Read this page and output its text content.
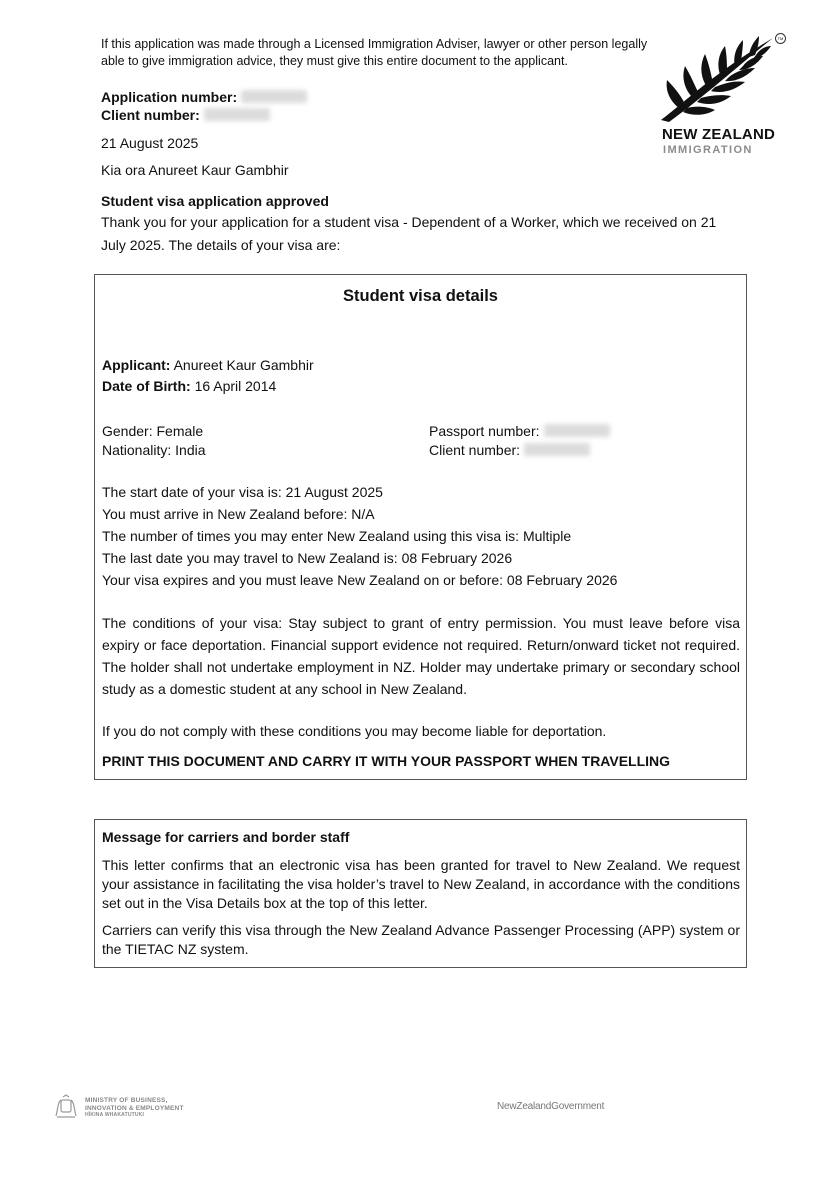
If this application was made through a Licensed Immigration Adviser, lawyer or other person legally able to give immigration advice, they must give this entire document to the applicant.
Application number:
Client number:
21 August 2025
Kia ora Anureet Kaur Gambhir
TM
NEW ZEALAND
IMMIGRATION
Student visa application approved
Thank you for your application for a student visa - Dependent of a Worker, which we received on 21 July 2025. The details of your visa are:
Student visa details
Applicant: Anureet Kaur Gambhir
Date of Birth: 16 April 2014
Gender: Female
Nationality: India
Passport number:
Client number:
The start date of your visa is: 21 August 2025
You must arrive in New Zealand before: N/A
The number of times you may enter New Zealand using this visa is: Multiple
The last date you may travel to New Zealand is: 08 February 2026
Your visa expires and you must leave New Zealand on or before: 08 February 2026
The conditions of your visa: Stay subject to grant of entry permission. You must leave before visa expiry or face deportation. Financial support evidence not required. Return/onward ticket not required. The holder shall not undertake employment in NZ. Holder may undertake primary or secondary school study as a domestic student at any school in New Zealand.
If you do not comply with these conditions you may become liable for deportation.
PRINT THIS DOCUMENT AND CARRY IT WITH YOUR PASSPORT WHEN TRAVELLING
Message for carriers and border staff
This letter confirms that an electronic visa has been granted for travel to New Zealand. We request your assistance in facilitating the visa holder’s travel to New Zealand, in accordance with the conditions set out in the Visa Details box at the top of this letter.
Carriers can verify this visa through the New Zealand Advance Passenger Processing (APP) system or the TIETAC NZ system.
MINISTRY OF BUSINESS,
INNOVATION & EMPLOYMENT
HĪKINA WHAKATUTUKI
NewZealandGovernment
